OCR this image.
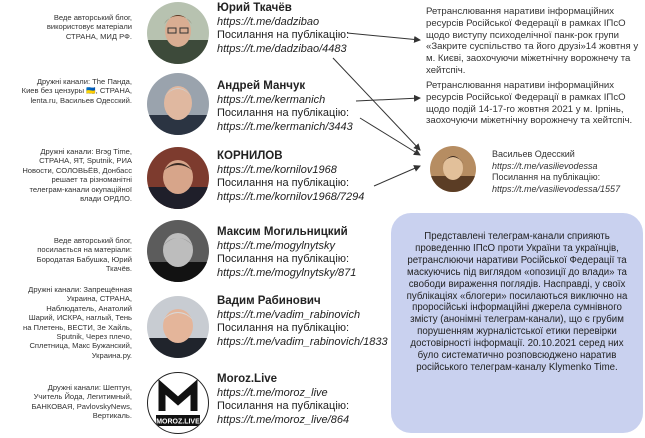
Веде авторський блог, використовує матеріали СТРАНА, МИД РФ.
Юрий Ткачёв
https://t.me/dadzibao
Посилання на публікацію:
https://t.me/dadzibao/4483
Дружні канали: The Панда, Киев без цензуры 🇺🇦, СТРАНА, lenta.ru, Васильев Одесский.
Андрей Манчук
https://t.me/kermanich
Посилання на публікацію:
https://t.me/kermanich/3443
Дружні канали: Brэg Time, СТРАНА, ЯТ, Sputnik, РИА Новости, СОЛОВЬЁВ, Донбасс решает та різноманітні телеграм-канали окупаційної влади ОРДЛО.
КОРНИЛОВ
https://t.me/kornilov1968
Посилання на публікацію:
https://t.me/kornilov1968/7294
Веде авторський блог, посилається на матеріали: Бородатая Бабушка, Юрий Ткачёв.
Максим Могильницкий
https://t.me/mogylnytsky
Посилання на публікацію:
https://t.me/mogylnytsky/871
Дружні канали: Запрещённая Украина, СТРАНА, Наблюдатель, Анатолий Шарий, ИСКРА, наглый, Тень на Плетень, ВЕСТИ, Зе Хайль, Sputnik, Через плечо, Сплетница, Макс Бужанский, Украина.ру.
Вадим Рабинович
https://t.me/vadim_rabinovich
Посилання на публікацію:
https://t.me/vadim_rabinovich/1833
Дружні канали: Шептун, Учитель Йода, Легитимный, БАНКОВАЯ, PavlovskyNews, Вертикаль.
MOROZ.LIVE
Moroz.Live
https://t.me/moroz_live
Посилання на публікацію:
https://t.me/moroz_live/864
Ретранслювання наративи інформаційних ресурсів Російської Федерації в рамках ІПсО щодо виступу психоделічної панк-рок групи «Закрите суспільство та його друзі»14 жовтня у м. Києві, заохочуючи міжетнічну ворожнечу та хейтспіч.
Ретранслювання наративи інформаційних ресурсів Російської Федерації в рамках ІПсО щодо подій 14-17-го жовтня 2021 у м. Ірпінь, заохочуючи міжетнічну ворожнечу та хейтспіч.
Васильев Одесский
https://t.me/vasilievodessa
Посилання на публікацію:
https://t.me/vasilievodessa/1557
Представлені телеграм-канали сприяють проведенню ІПсО проти України та українців, ретранслюючи наративи Російської Федерації та маскуючись під виглядом «опозиції до влади» та свободи вираження поглядів. Насправді, у своїх публікаціях «блогери» посилаються виключно на проросійські інформаційні джерела сумнівного змісту (анонімні телеграм-канали), що є грубим порушенням журналістської етики перевірки достовірності інформації. 20.10.2021 серед них було систематично розповсюджено наратив російського телеграм-каналу Klymenko Time.
